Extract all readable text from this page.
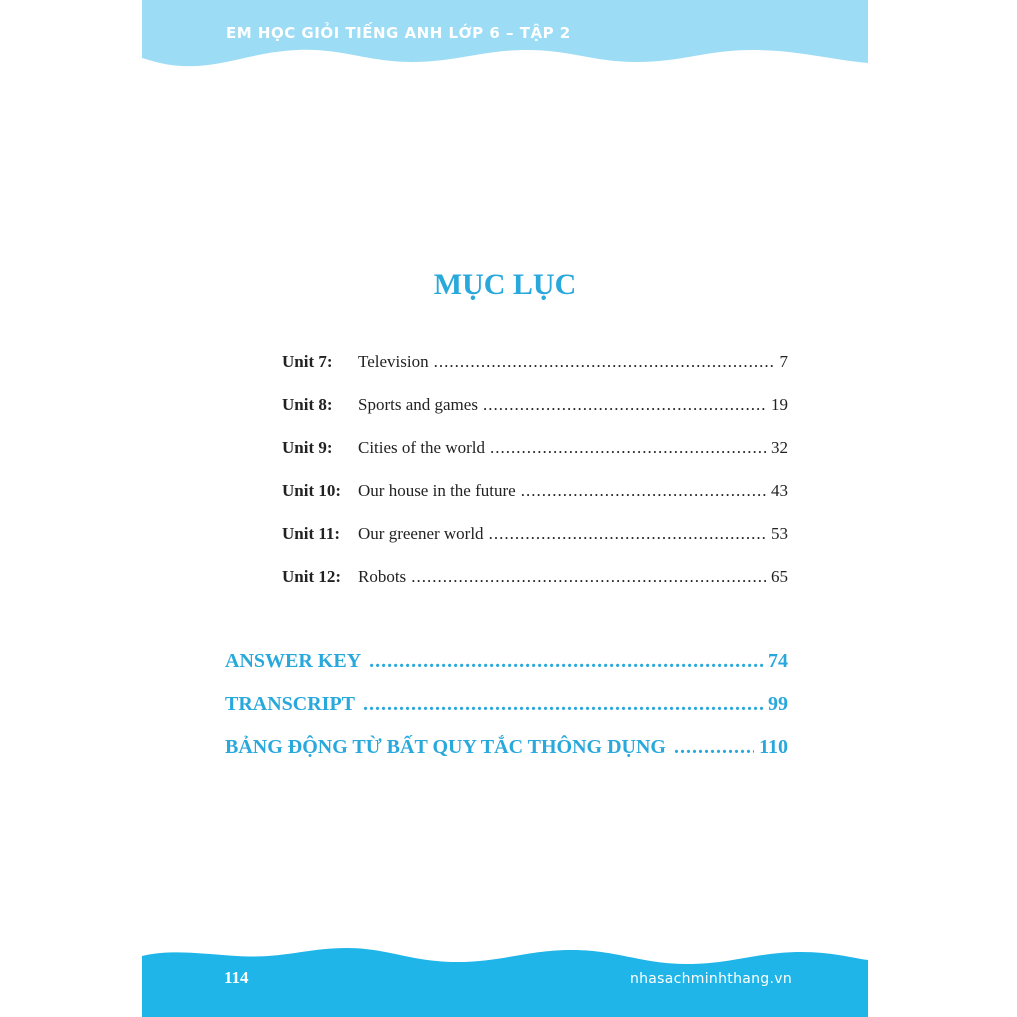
EM HỌC GIỎI TIẾNG ANH LỚP 6 – TẬP 2
MỤC LỤC
Unit 7:	Television .....	7
Unit 8:	Sports and games .....	19
Unit 9:	Cities of the world .....	32
Unit 10: Our house in the future .....	43
Unit 11:	Our greener world .....	53
Unit 12: Robots .....	65
ANSWER KEY .....	74
TRANSCRIPT .....	99
BẢNG ĐỘNG TỪ BẤT QUY TẮC THÔNG DỤNG .....	110
114	nhasachminhthang.vn
